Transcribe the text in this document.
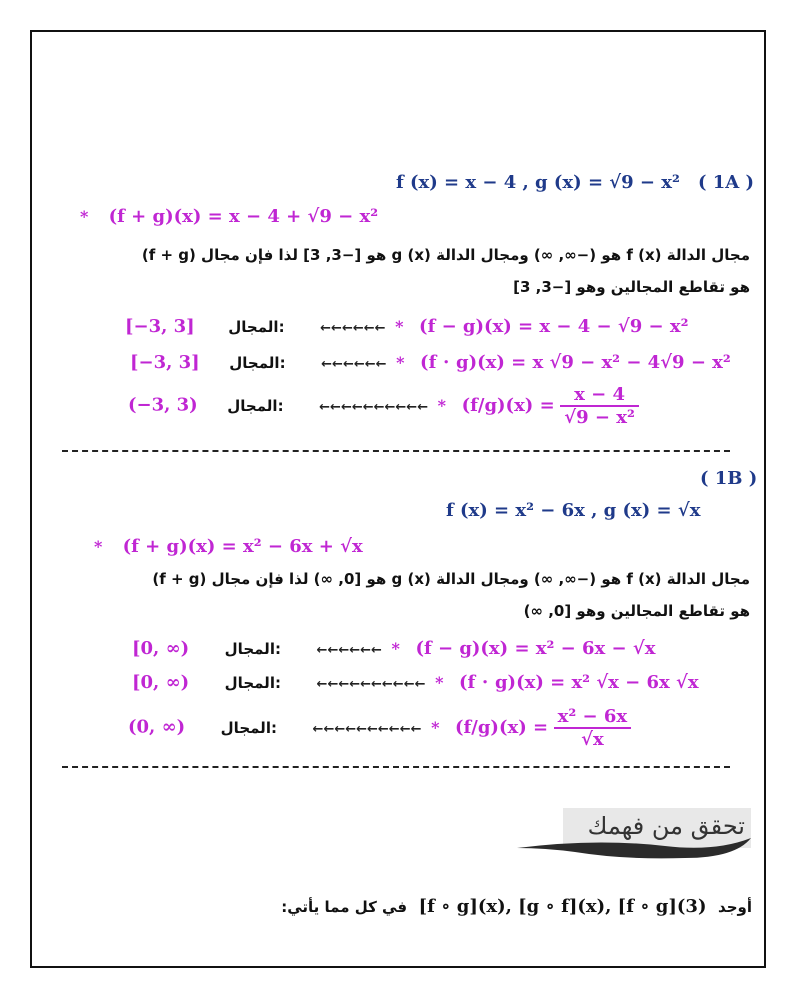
f (x) = x − 4 , g (x) = √9 − x² ( 1A )
* (f + g)(x) = x − 4 + √9 − x²
مجال الدالة f (x) هو (−∞, ∞) ومجال الدالة g (x) هو [−3, 3] لذا فإن مجال (f + g)
هو تقاطع المجالين وهو [−3, 3]
[−3, 3] المجال:	←←←←←← * (f − g)(x) = x − 4 − √9 − x²
[−3, 3] المجال:	←←←←←← * (f ⋅ g)(x) = x √9 − x² − 4√9 − x²
(−3, 3) المجال:	←←←←←←←←←← * $(f/g)(x) = \frac{x - 4}{\text{√9 − x²}}$
( 1B )
f (x) = x² − 6x , g (x) = √x
* (f + g)(x) = x² − 6x + √x
مجال الدالة f (x) هو (−∞, ∞) ومجال الدالة g (x) هو [0, ∞) لذا فإن مجال (f + g)
هو تقاطع المجالين وهو [0, ∞)
[0, ∞) المجال:	←←←←←← * (f − g)(x) = x² − 6x − √x
[0, ∞) المجال:	←←←←←←←←←← * (f ⋅ g)(x) = x² √x − 6x √x
(0, ∞) المجال:	←←←←←←←←←← * $(f/g)(x) = \frac{\text{x² − 6x}}{√x}$
تحقق من فهمك
أوجد [f ∘ g](x), [g ∘ f](x), [f ∘ g](3) في كل مما يأتي:
